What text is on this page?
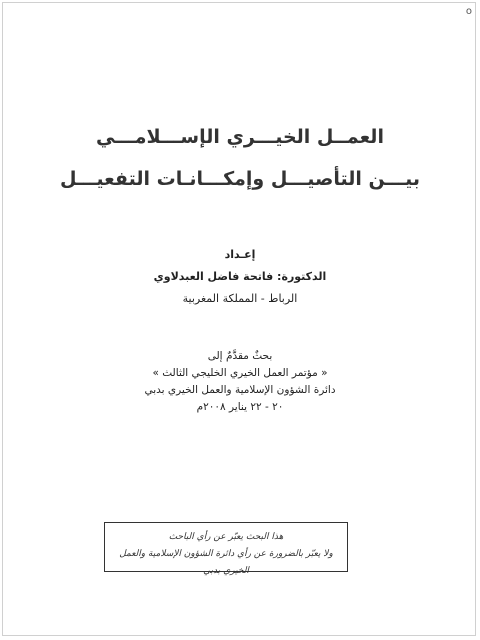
o
العمــل الخيـــري الإســـلامـــي
بيـــن التأصيـــل وإمكـــانـات التفعيـــل
إعـداد
الدكتورة: فاتحة فاضل العبدلاوي
الرباط - المملكة المغربية
بحثٌ مقدَّمٌ إلى
« مؤتمر العمل الخيري الخليجي الثالث »
دائرة الشؤون الإسلامية والعمل الخيري بدبي
٢٠ - ٢٢ يناير ٢٠٠٨م
هذا البحث يعبّر عن رأي الباحث
ولا يعبّر بالضرورة عن رأي دائرة الشؤون الإسلامية والعمل الخيري بدبي
